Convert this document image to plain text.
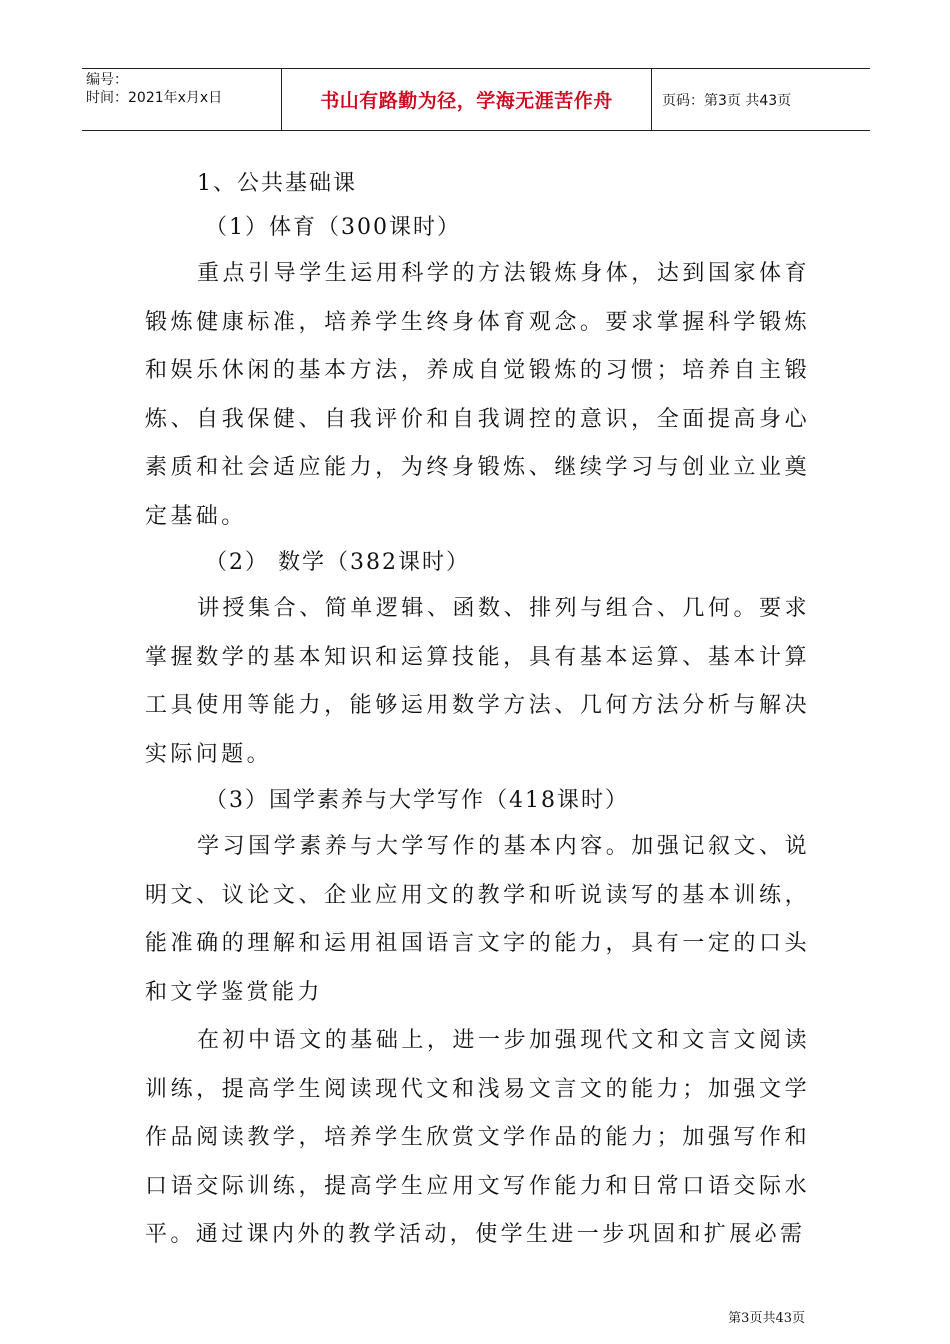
编号：
时间：2021年x月x日	书山有路勤为径，学海无涯苦作舟	页码：第3页 共43页

1、公共基础课

（1）体育（300课时）

重点引导学生运用科学的方法锻炼身体，达到国家体育锻炼健康标准，培养学生终身体育观念。要求掌握科学锻炼和娱乐休闲的基本方法，养成自觉锻炼的习惯；培养自主锻炼、自我保健、自我评价和自我调控的意识，全面提高身心素质和社会适应能力，为终身锻炼、继续学习与创业立业奠定基础。

（2） 数学（382课时）

讲授集合、简单逻辑、函数、排列与组合、几何。要求掌握数学的基本知识和运算技能，具有基本运算、基本计算工具使用等能力，能够运用数学方法、几何方法分析与解决实际问题。

（3）国学素养与大学写作（418课时）

学习国学素养与大学写作的基本内容。加强记叙文、说明文、议论文、企业应用文的教学和听说读写的基本训练，能准确的理解和运用祖国语言文字的能力，具有一定的口头和文学鉴赏能力

在初中语文的基础上，进一步加强现代文和文言文阅读训练，提高学生阅读现代文和浅易文言文的能力；加强文学作品阅读教学，培养学生欣赏文学作品的能力；加强写作和口语交际训练，提高学生应用文写作能力和日常口语交际水平。通过课内外的教学活动，使学生进一步巩固和扩展必需

第3页共43页
